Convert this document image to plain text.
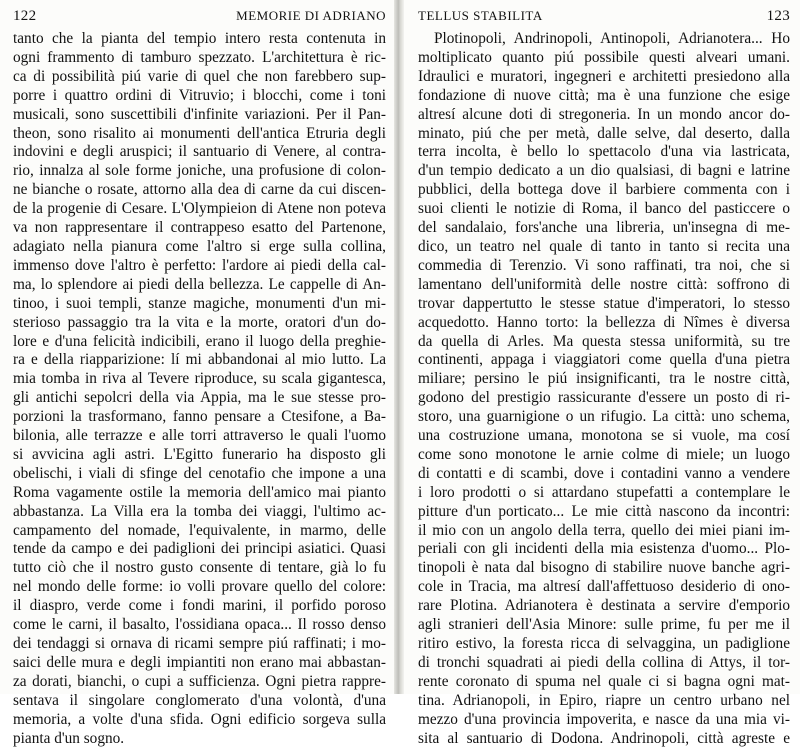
122	MEMORIE DI ADRIANO
tanto che la pianta del tempio intero resta contenuta in
ogni frammento di tamburo spezzato. L'architettura è ric-
ca di possibilità piú varie di quel che non farebbero sup-
porre i quattro ordini di Vitruvio; i blocchi, come i toni
musicali, sono suscettibili d'infinite variazioni. Per il Pan-
theon, sono risalito ai monumenti dell'antica Etruria degli
indovini e degli aruspici; il santuario di Venere, al contra-
rio, innalza al sole forme joniche, una profusione di colon-
ne bianche o rosate, attorno alla dea di carne da cui discen-
de la progenie di Cesare. L'Olympieion di Atene non poteva
va non rappresentare il contrappeso esatto del Partenone,
adagiato nella pianura come l'altro si erge sulla collina,
immenso dove l'altro è perfetto: l'ardore ai piedi della cal-
ma, lo splendore ai piedi della bellezza. Le cappelle di An-
tinoo, i suoi templi, stanze magiche, monumenti d'un mi-
sterioso passaggio tra la vita e la morte, oratori d'un do-
lore e d'una felicità indicibili, erano il luogo della preghie-
ra e della riapparizione: lí mi abbandonai al mio lutto. La
mia tomba in riva al Tevere riproduce, su scala gigantesca,
gli antichi sepolcri della via Appia, ma le sue stesse pro-
porzioni la trasformano, fanno pensare a Ctesifone, a Ba-
bilonia, alle terrazze e alle torri attraverso le quali l'uomo
si avvicina agli astri. L'Egitto funerario ha disposto gli
obelischi, i viali di sfinge del cenotafio che impone a una
Roma vagamente ostile la memoria dell'amico mai pianto
abbastanza. La Villa era la tomba dei viaggi, l'ultimo ac-
campamento del nomade, l'equivalente, in marmo, delle
tende da campo e dei padiglioni dei principi asiatici. Quasi
tutto ciò che il nostro gusto consente di tentare, già lo fu
nel mondo delle forme: io volli provare quello del colore:
il diaspro, verde come i fondi marini, il porfido poroso
come le carni, il basalto, l'ossidiana opaca... Il rosso denso
dei tendaggi si ornava di ricami sempre piú raffinati; i mo-
saici delle mura e degli impiantiti non erano mai abbastan-
za dorati, bianchi, o cupi a sufficienza. Ogni pietra rappre-
sentava il singolare conglomerato d'una volontà, d'una
memoria, a volte d'una sfida. Ogni edificio sorgeva sulla
pianta d'un sogno.
TELLUS STABILITA	123
Plotinopoli, Andrinopoli, Antinopoli, Adrianotera... Ho
moltiplicato quanto piú possibile questi alveari umani.
Idraulici e muratori, ingegneri e architetti presiedono alla
fondazione di nuove città; ma è una funzione che esige
altresí alcune doti di stregoneria. In un mondo ancor do-
minato, piú che per metà, dalle selve, dal deserto, dalla
terra incolta, è bello lo spettacolo d'una via lastricata,
d'un tempio dedicato a un dio qualsiasi, di bagni e latrine
pubblici, della bottega dove il barbiere commenta con i
suoi clienti le notizie di Roma, il banco del pasticcere o
del sandalaio, fors'anche una libreria, un'insegna di me-
dico, un teatro nel quale di tanto in tanto si recita una
commedia di Terenzio. Vi sono raffinati, tra noi, che si
lamentano dell'uniformità delle nostre città: soffrono di
trovar dappertutto le stesse statue d'imperatori, lo stesso
acquedotto. Hanno torto: la bellezza di Nîmes è diversa
da quella di Arles. Ma questa stessa uniformità, su tre
continenti, appaga i viaggiatori come quella d'una pietra
miliare; persino le piú insignificanti, tra le nostre città,
godono del prestigio rassicurante d'essere un posto di ri-
storo, una guarnigione o un rifugio. La città: uno schema,
una costruzione umana, monotona se si vuole, ma cosí
come sono monotone le arnie colme di miele; un luogo
di contatti e di scambi, dove i contadini vanno a vendere
i loro prodotti o si attardano stupefatti a contemplare le
pitture d'un porticato... Le mie città nascono da incontri:
il mio con un angolo della terra, quello dei miei piani im-
periali con gli incidenti della mia esistenza d'uomo... Plo-
tinopoli è nata dal bisogno di stabilire nuove banche agri-
cole in Tracia, ma altresí dall'affettuoso desiderio di ono-
rare Plotina. Adrianotera è destinata a servire d'emporio
agli stranieri dell'Asia Minore: sulle prime, fu per me il
ritiro estivo, la foresta ricca di selvaggina, un padiglione
di tronchi squadrati ai piedi della collina di Attys, il tor-
rente coronato di spuma nel quale ci si bagna ogni mat-
tina. Adrianopoli, in Epiro, riapre un centro urbano nel
mezzo d'una provincia impoverita, e nasce da una mia vi-
sita al santuario di Dodona. Andrinopoli, città agreste e
